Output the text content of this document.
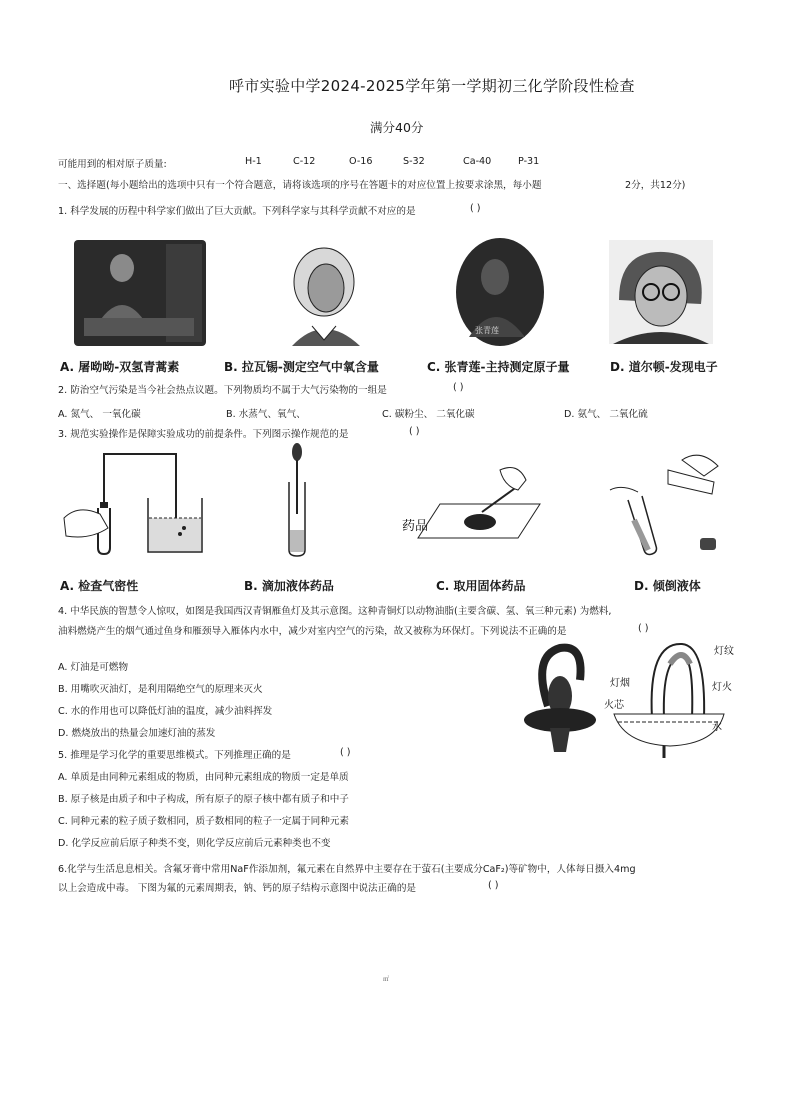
呼市实验中学2024-2025学年第一学期初三化学阶段性检查
满分40分
可能用到的相对原子质量:	H-1	C-12	O-16	S-32	Ca-40	P-31
一、选择题(每小题给出的选项中只有一个符合题意，请将该选项的序号在答题卡的对应位置上按要求涂黑，每小题	2分，共12分)
1. 科学发展的历程中科学家们做出了巨大贡献。下列科学家与其科学贡献不对应的是	( )
张青莲
A. 屠呦呦-双氢青蒿素	B. 拉瓦锡-测定空气中氧含量	C. 张青莲-主持测定原子量	D. 道尔顿-发现电子
2. 防治空气污染是当今社会热点议题。下列物质均不属于大气污染物的一组是	( )
A. 氮气、 一氧化碳	B. 水蒸气、氧气、	C. 碳粉尘、 二氧化碳	D. 氨气、 二氧化硫
3. 规范实验操作是保障实验成功的前提条件。下列图示操作规范的是	( )
药品
A. 检查气密性	B. 滴加液体药品	C. 取用固体药品	D. 倾倒液体
4. 中华民族的智慧令人惊叹，如图是我国西汉青铜雁鱼灯及其示意图。这种青铜灯以动物油脂(主要含碳、氢、氧三种元素) 为燃料,
油料燃烧产生的烟气通过鱼身和雁颈导入雁体内水中，减少对室内空气的污染，故又被称为环保灯。下列说法不正确的是	( )
A. 灯油是可燃物
B. 用嘴吹灭油灯，是利用隔绝空气的原理来灭火
C. 水的作用也可以降低灯油的温度，减少油料挥发
D. 燃烧放出的热量会加速灯油的蒸发
灯烟
灯纹
灯火
火芯
水
5. 推理是学习化学的重要思维模式。下列推理正确的是	( )
A. 单质是由同种元素组成的物质，由同种元素组成的物质一定是单质
B. 原子核是由质子和中子构成，所有原子的原子核中都有质子和中子
C. 同种元素的粒子质子数相同，质子数相同的粒子一定属于同种元素
D. 化学反应前后原子种类不变，则化学反应前后元素种类也不变
6.化学与生活息息相关。含氟牙膏中常用NaF作添加剂，氟元素在自然界中主要存在于萤石(主要成分CaF₂)等矿物中，人体每日摄入4mg
以上会造成中毒。 下图为氟的元素周期表，钠、钙的原子结构示意图中说法正确的是	( )
㎡
